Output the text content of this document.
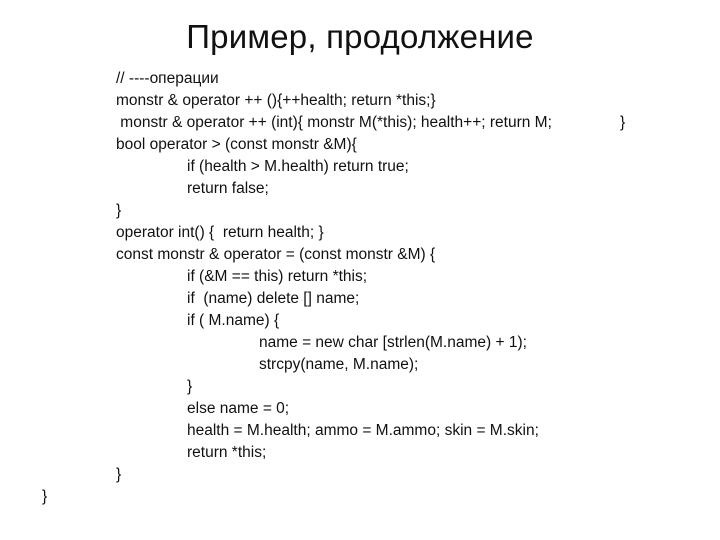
Пример, продолжение
// ----операции
monstr & operator ++ (){++health; return *this;}
monstr & operator ++ (int){ monstr M(*this); health++; return M;	}
bool operator > (const monstr &M){
if (health > M.health) return true;
return false;
}
operator int() {  return health; }
const monstr & operator = (const monstr &M) {
if (&M == this) return *this;
if  (name) delete [] name;
if ( M.name) {
name = new char [strlen(M.name) + 1);
strcpy(name, M.name);
}
else name = 0;
health = M.health; ammo = M.ammo; skin = M.skin;
return *this;
}
}
